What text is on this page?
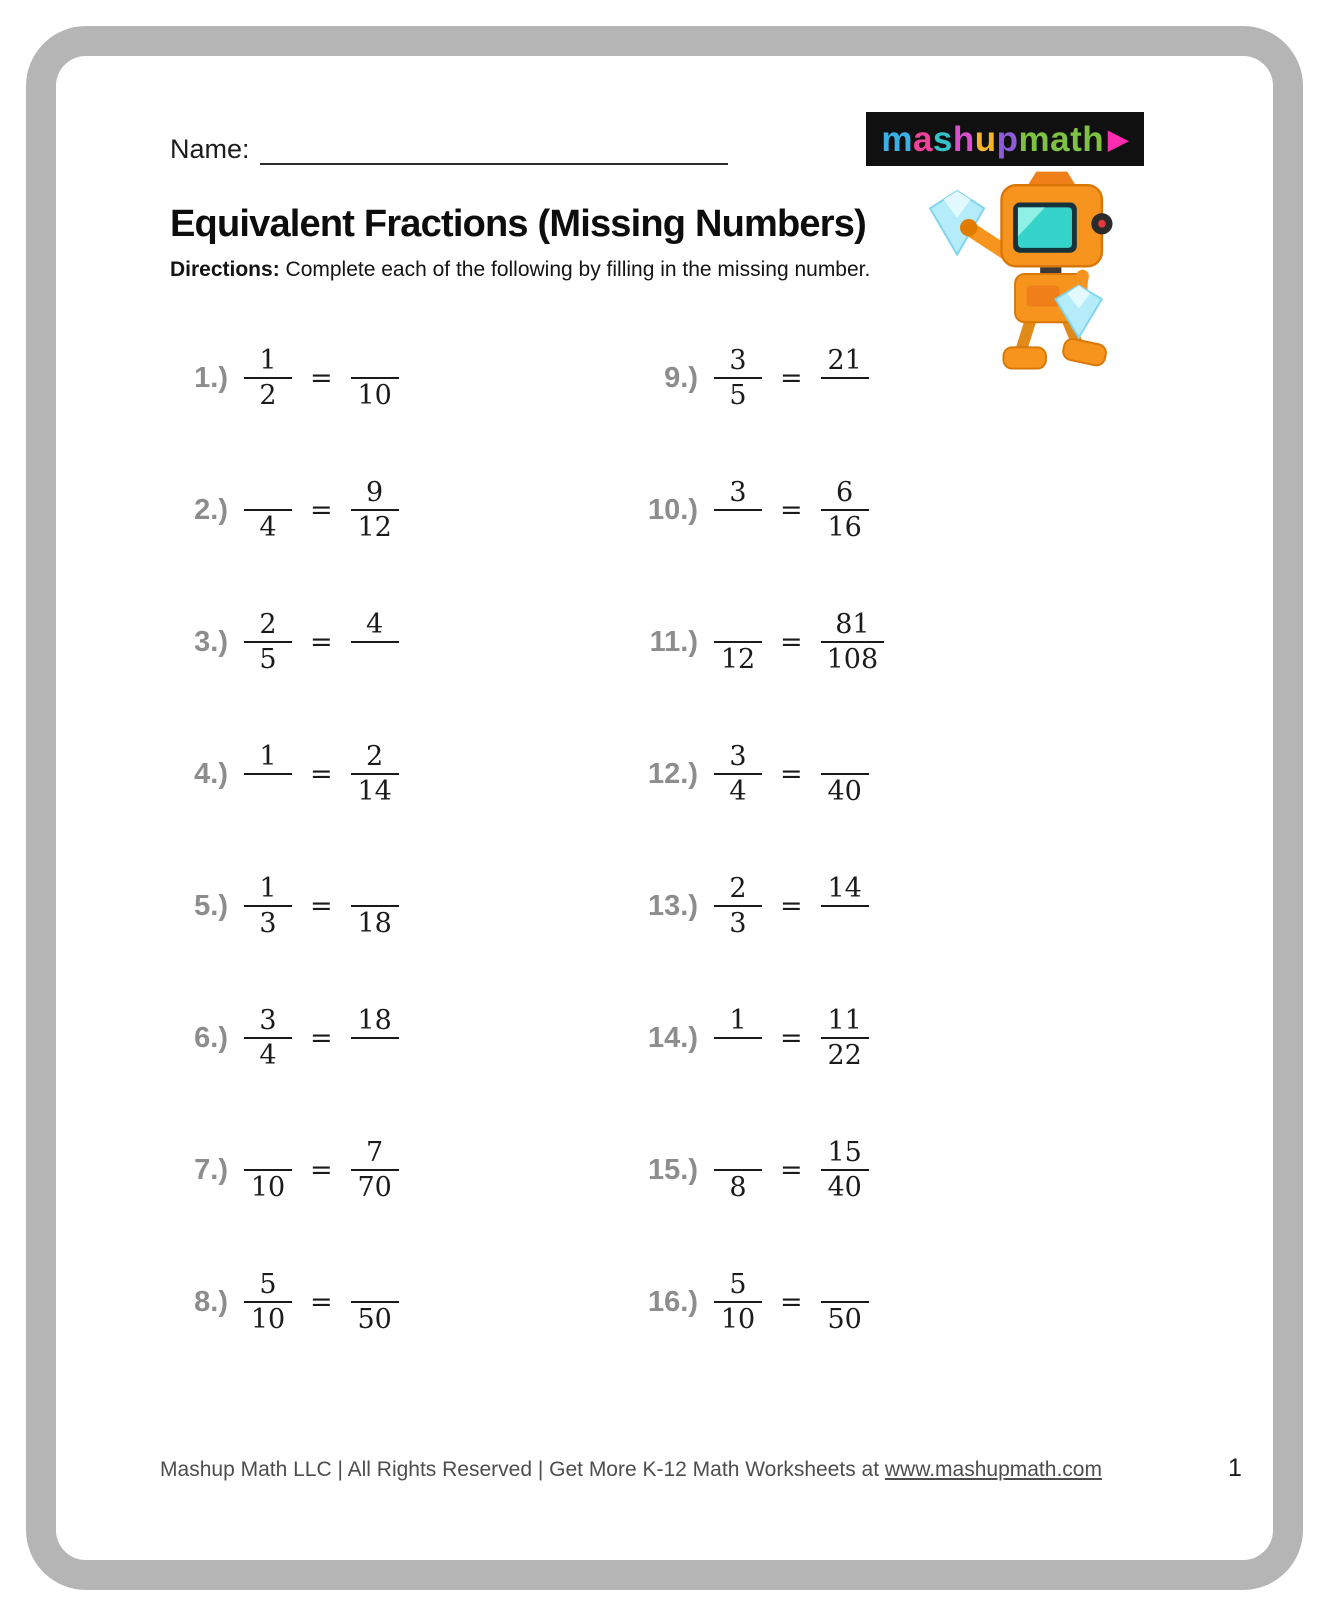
Name:	m a s h u p math ▶
Equivalent Fractions (Missing Numbers)
Directions: Complete each of the following by filling in the missing number.
$1.) \frac{1}{2}$ =
10
2.)
4
= $\frac{9}{12}$
$3.) \frac{2}{5}$ =
4
4.)
1
= $\frac{2}{14}$
$5.) \frac{1}{3}$ =
18
$6.) \frac{3}{4}$ =
18
7.)
10
= $\frac{7}{70}$
$8.) \frac{5}{10}$ =
50
$9.) \frac{3}{5}$ =
21
10.)
3
= $\frac{6}{16}$
11.)
12
= $\frac{81}{108}$
$12.) \frac{3}{4}$ =
40
$13.) \frac{2}{3}$ =
14
14.)
1
= $\frac{11}{22}$
15.)
8
= $\frac{15}{40}$
$16.) \frac{5}{10}$ =
50
Mashup Math LLC | All Rights Reserved | Get More K-12 Math Worksheets at www.mashupmath.com	1
